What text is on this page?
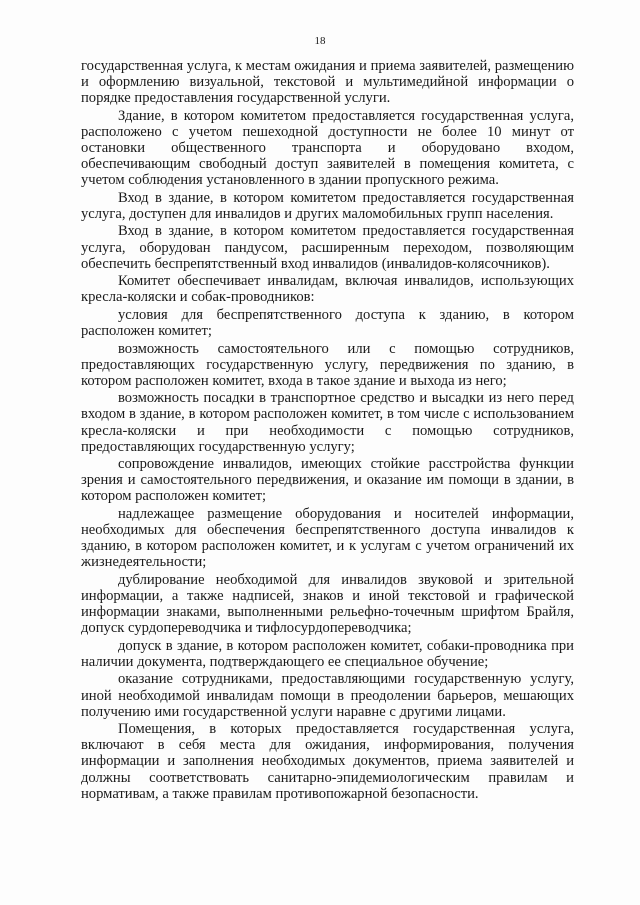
18

государственная услуга, к местам ожидания и приема заявителей, размещению и оформлению визуальной, текстовой и мультимедийной информации о порядке предоставления государственной услуги.

Здание, в котором комитетом предоставляется государственная услуга, расположено с учетом пешеходной доступности не более 10 минут от остановки общественного транспорта и оборудовано входом, обеспечивающим свободный доступ заявителей в помещения комитета, с учетом соблюдения установленного в здании пропускного режима.

Вход в здание, в котором комитетом предоставляется государственная услуга, доступен для инвалидов и других маломобильных групп населения.

Вход в здание, в котором комитетом предоставляется государственная услуга, оборудован пандусом, расширенным переходом, позволяющим обеспечить беспрепятственный вход инвалидов (инвалидов-колясочников).

Комитет обеспечивает инвалидам, включая инвалидов, использующих кресла-коляски и собак-проводников:

условия для беспрепятственного доступа к зданию, в котором расположен комитет;

возможность самостоятельного или с помощью сотрудников, предоставляющих государственную услугу, передвижения по зданию, в котором расположен комитет, входа в такое здание и выхода из него;

возможность посадки в транспортное средство и высадки из него перед входом в здание, в котором расположен комитет, в том числе с использованием кресла-коляски и при необходимости с помощью сотрудников, предоставляющих государственную услугу;

сопровождение инвалидов, имеющих стойкие расстройства функции зрения и самостоятельного передвижения, и оказание им помощи в здании, в котором расположен комитет;

надлежащее размещение оборудования и носителей информации, необходимых для обеспечения беспрепятственного доступа инвалидов к зданию, в котором расположен комитет, и к услугам с учетом ограничений их жизнедеятельности;

дублирование необходимой для инвалидов звуковой и зрительной информации, а также надписей, знаков и иной текстовой и графической информации знаками, выполненными рельефно-точечным шрифтом Брайля, допуск сурдопереводчика и тифлосурдопереводчика;

допуск в здание, в котором расположен комитет, собаки-проводника при наличии документа, подтверждающего ее специальное обучение;

оказание сотрудниками, предоставляющими государственную услугу, иной необходимой инвалидам помощи в преодолении барьеров, мешающих получению ими государственной услуги наравне с другими лицами.

Помещения, в которых предоставляется государственная услуга, включают в себя места для ожидания, информирования, получения информации и заполнения необходимых документов, приема заявителей и должны соответствовать санитарно-эпидемиологическим правилам и нормативам, а также правилам противопожарной безопасности.
